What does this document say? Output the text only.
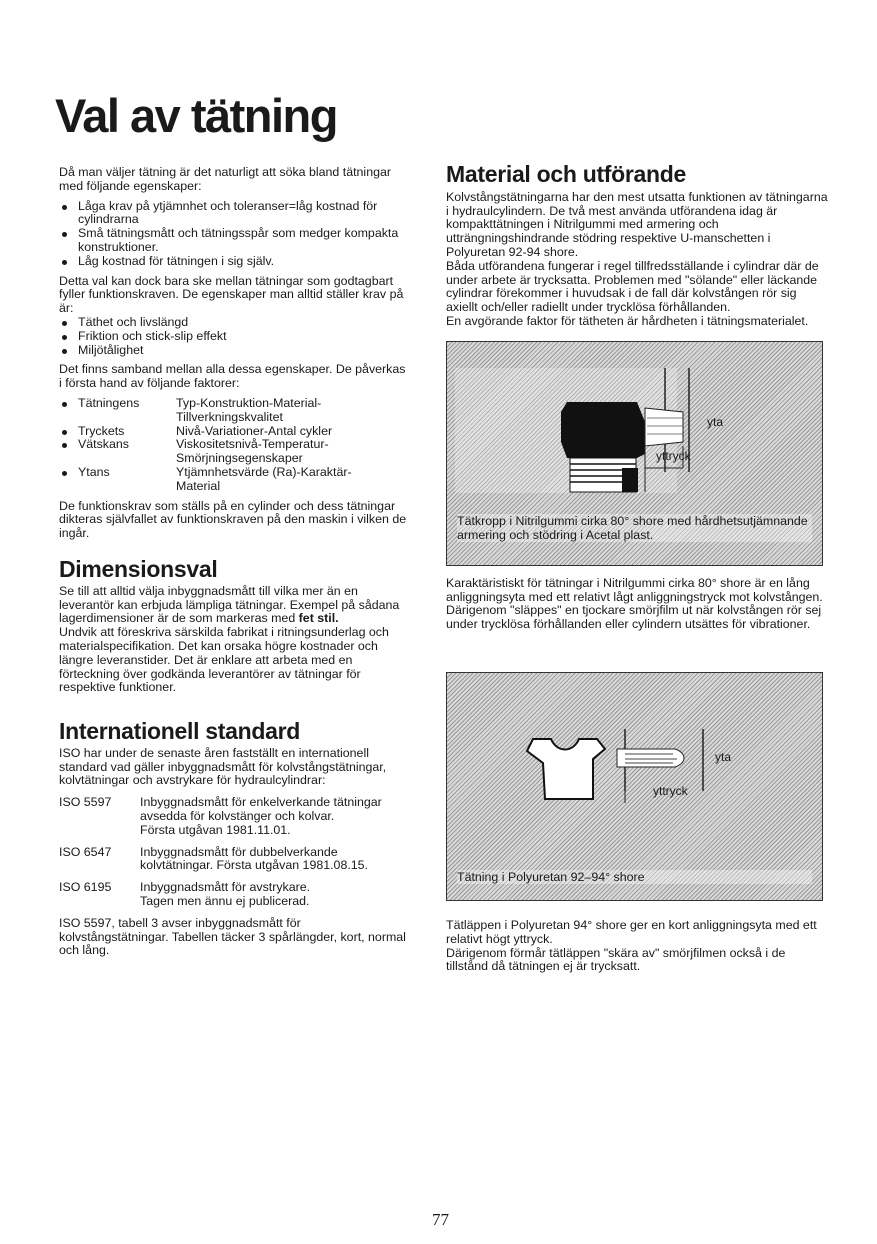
Val av tätning

Då man väljer tätning är det naturligt att söka bland tätningar med följande egenskaper:

Låga krav på ytjämnhet och toleranser=låg kostnad för cylindrarna
Små tätningsmått och tätningsspår som medger kompakta konstruktioner.
Låg kostnad för tätningen i sig själv.

Detta val kan dock bara ske mellan tätningar som godtagbart fyller funktionskraven. De egenskaper man alltid ställer krav på är:

Täthet och livslängd
Friktion och stick-slip effekt
Miljötålighet

Det finns samband mellan alla dessa egenskaper. De påverkas i första hand av följande faktorer:

Tätningens	Typ-Konstruktion-Material-
Tillverkningskvalitet
Tryckets	Nivå-Variationer-Antal cykler
Vätskans	Viskositetsnivå-Temperatur-
Smörjningsegenskaper
Ytans	Ytjämnhetsvärde (Ra)-Karaktär-
Material

De funktionskrav som ställs på en cylinder och dess tätningar dikteras självfallet av funktionskraven på den maskin i vilken de ingår.

Dimensionsval

Se till att alltid välja inbyggnadsmått till vilka mer än en leverantör kan erbjuda lämpliga tätningar. Exempel på sådana lagerdimensioner är de som markeras med fet stil.

Undvik att föreskriva särskilda fabrikat i ritningsunderlag och materialspecifikation. Det kan orsaka högre kostnader och längre leveranstider. Det är enklare att arbeta med en förteckning över godkända leverantörer av tätningar för respektive funktioner.

Internationell standard

ISO har under de senaste åren fastställt en internationell standard vad gäller inbyggnadsmått för kolvstångstätningar, kolvtätningar och avstrykare för hydraulcylindrar:

ISO 5597	Inbyggnadsmått för enkelverkande tätningar avsedda för kolvstänger och kolvar.
Första utgåvan 1981.11.01.
ISO 6547	Inbyggnadsmått för dubbelverkande kolvtätningar. Första utgåvan 1981.08.15.
ISO 6195	Inbyggnadsmått för avstrykare.
Tagen men ännu ej publicerad.

ISO 5597, tabell 3 avser inbyggnadsmått för kolvstångstätningar. Tabellen täcker 3 spårlängder, kort, normal och lång.

Material och utförande

Kolvstångstätningarna har den mest utsatta funktionen av tätningarna i hydraulcylindern. De två mest använda utförandena idag är kompakttätningen i Nitrilgummi med armering och utträngningshindrande stödring respektive U-manschetten i Polyuretan 92-94 shore.

Båda utförandena fungerar i regel tillfredsställande i cylindrar där de under arbete är trycksatta. Problemen med "sölande" eller läckande cylindrar förekommer i huvudsak i de fall där kolvstången rör sig axiellt och/eller radiellt under trycklösa förhållanden.

En avgörande faktor för tätheten är hårdheten i tätningsmaterialet.

yta
yttryck
Tätkropp i Nitrilgummi cirka 80° shore med hårdhetsutjämnande armering och stödring i Acetal plast.

Karaktäristiskt för tätningar i Nitrilgummi cirka 80° shore är en lång anliggningsyta med ett relativt lågt anliggningstryck mot kolvstången.

Därigenom "släppes" en tjockare smörjfilm ut när kolvstången rör sej under trycklösa förhållanden eller cylindern utsättes för vibrationer.

yta
yttryck
Tätning i Polyuretan 92–94° shore

Tätläppen i Polyuretan 94° shore ger en kort anliggningsyta med ett relativt högt yttryck.

Därigenom förmår tätläppen "skära av" smörjfilmen också i de tillstånd då tätningen ej är trycksatt.

77
